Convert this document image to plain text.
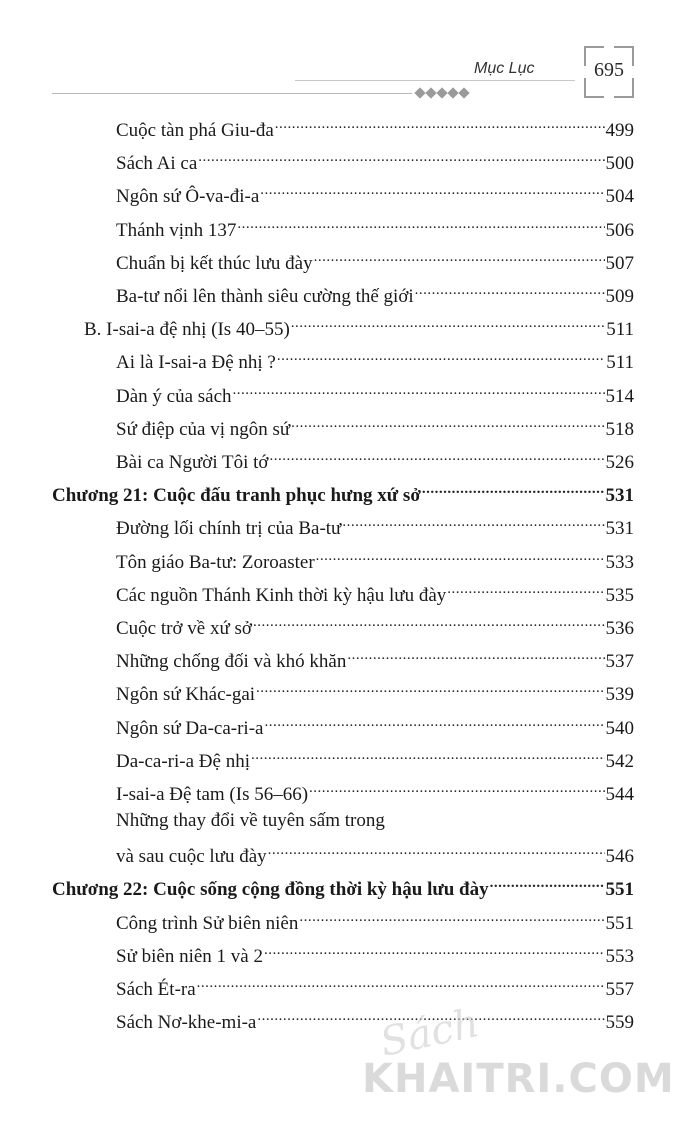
Mục Lục	695
Cuộc tàn phá Giu-đa .....	499
Sách Ai ca .....	500
Ngôn sứ Ô-va-đi-a .....	504
Thánh vịnh 137 .....	506
Chuẩn bị kết thúc lưu đày .....	507
Ba-tư nổi lên thành siêu cường thế giới .....	509
B. I-sai-a đệ nhị (Is 40–55) .....	511
Ai là I-sai-a Đệ nhị ? .....	511
Dàn ý của sách .....	514
Sứ điệp của vị ngôn sứ .....	518
Bài ca Người Tôi tớ .....	526
Chương 21: Cuộc đấu tranh phục hưng xứ sở .....	531
Đường lối chính trị của Ba-tư .....	531
Tôn giáo Ba-tư: Zoroaster .....	533
Các nguồn Thánh Kinh thời kỳ hậu lưu đày .....	535
Cuộc trở về xứ sở .....	536
Những chống đối và khó khăn .....	537
Ngôn sứ Khác-gai .....	539
Ngôn sứ Da-ca-ri-a .....	540
Da-ca-ri-a Đệ nhị .....	542
I-sai-a Đệ tam (Is 56–66) .....	544
Những thay đổi về tuyên sấm trong
và sau cuộc lưu đày .....	546
Chương 22: Cuộc sống cộng đồng thời kỳ hậu lưu đày .....	551
Công trình Sử biên niên .....	551
Sử biên niên 1 và 2 .....	553
Sách Ét-ra .....	557
Sách Nơ-khe-mi-a .....	559
Sách
KHAITRI.COM
